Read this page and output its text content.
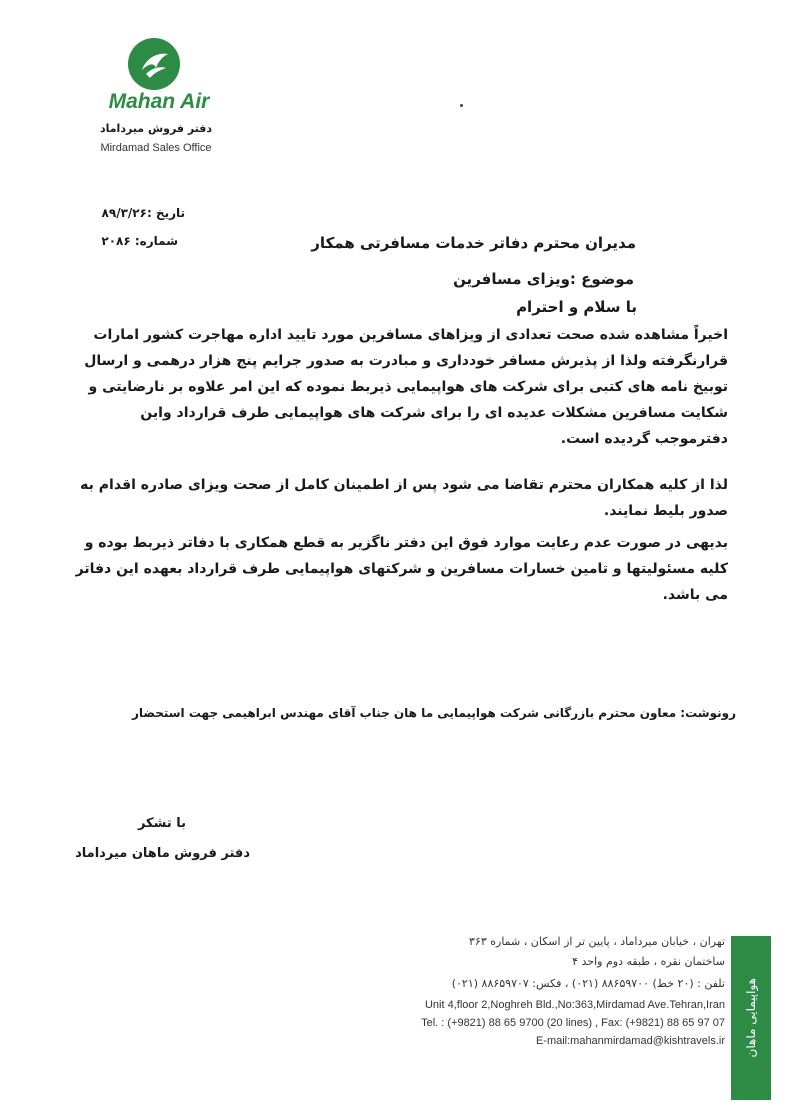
Mahan Air
دفتر فروش میرداماد
Mirdamad Sales Office
تاریخ :۸۹/۳/۲۶
شماره: ۲۰۸۶	مدیران محترم دفاتر خدمات مسافرتی همکار
موضوع :ویزای مسافرین
با سلام و احترام
اخیراً مشاهده شده صحت تعدادی از ویزاهای مسافرین مورد تایید اداره مهاجرت کشور امارات قرارنگرفته ولذا از پذیرش مسافر خودداری و مبادرت به صدور جرایم پنج هزار درهمی و ارسال توبیخ نامه های کتبی برای شرکت های هواپیمایی ذیربط نموده که این امر علاوه بر نارضایتی و شکایت مسافرین مشکلات عدیده ای را برای شرکت های هواپیمایی طرف قرارداد واین دفترموجب گردیده است.
لذا از کلیه همکاران محترم تقاضا می شود پس از اطمینان کامل از صحت ویزای صادره اقدام به صدور بلیط نمایند.
بدیهی در صورت عدم رعایت موارد فوق این دفتر ناگزیر به قطع همکاری با دفاتر ذیربط بوده و کلیه مسئولیتها و تامین خسارات مسافرین و شرکتهای هواپیمایی طرف قرارداد بعهده این دفاتر می باشد.
رونوشت: معاون محترم بازرگانی شرکت هواپیمایی ما هان جناب آقای مهندس ابراهیمی جهت استحضار
با تشکر
دفتر فروش ماهان میرداماد
تهران ، خیابان میرداماد ، پایین تر از اسکان ، شماره ۳۶۳
ساختمان نقره ، طبقه دوم واحد ۴
تلفن : (۲۰ خط) ۸۸۶۵۹۷۰۰ (۰۲۱) ، فکس: ۸۸۶۵۹۷۰۷ (۰۲۱)
Unit 4,floor 2,Noghreh Bld.,No:363,Mirdamad Ave.Tehran,Iran
Tel. : (+9821) 88 65 9700 (20 lines) , Fax: (+9821) 88 65 97 07
E-mail:mahanmirdamad@kishtravels.ir هواپیمایی ماهان
